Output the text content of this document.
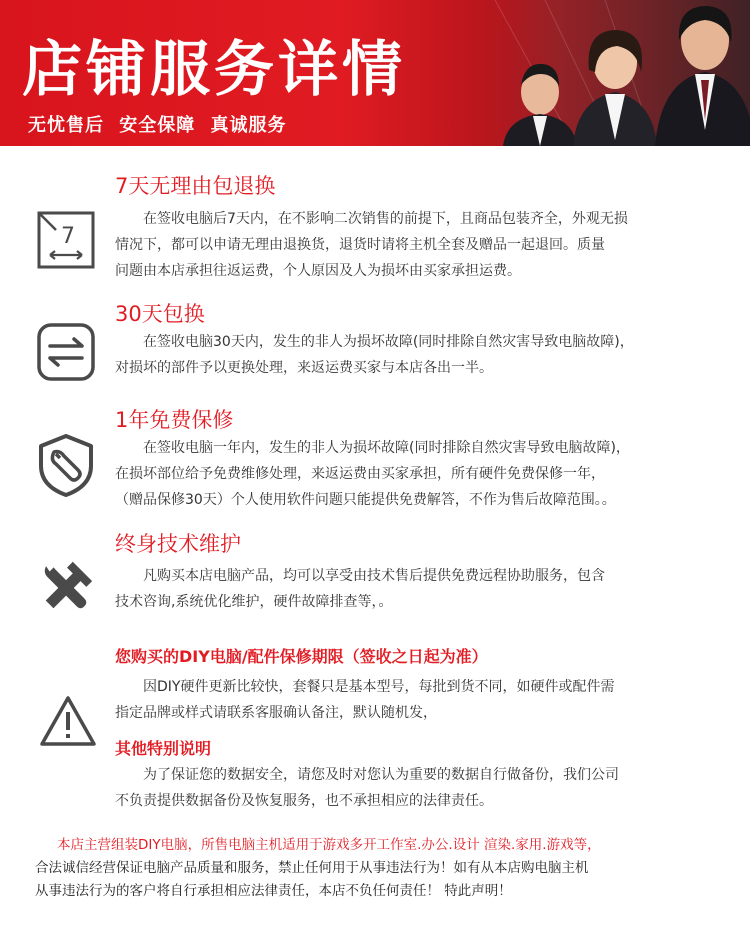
店铺服务详情
无忧售后 安全保障 真诚服务
7
7天无理由包退换
在签收电脑后7天内，在不影响二次销售的前提下，且商品包装齐全，外观无损
情况下，都可以申请无理由退换货，退货时请将主机全套及赠品一起退回。质量
问题由本店承担往返运费，个人原因及人为损坏由买家承担运费。
30天包换
在签收电脑30天内，发生的非人为损坏故障(同时排除自然灾害导致电脑故障)，
对损坏的部件予以更换处理，来返运费买家与本店各出一半。
1年免费保修
在签收电脑一年内，发生的非人为损坏故障(同时排除自然灾害导致电脑故障)，
在损坏部位给予免费维修处理，来返运费由买家承担，所有硬件免费保修一年，
（赠品保修30天）个人使用软件问题只能提供免费解答，不作为售后故障范围。。
终身技术维护
凡购买本店电脑产品，均可以享受由技术售后提供免费远程协助服务，包含
技术咨询,系统优化维护，硬件故障排查等，。
您购买的DIY电脑/配件保修期限（签收之日起为准）
因DIY硬件更新比较快，套餐只是基本型号，每批到货不同，如硬件或配件需
指定品牌或样式请联系客服确认备注，默认随机发，
其他特别说明
为了保证您的数据安全，请您及时对您认为重要的数据自行做备份，我们公司
不负责提供数据备份及恢复服务，也不承担相应的法律责任。
本店主营组装DIY电脑，所售电脑主机适用于游戏多开工作室.办公.设计 渲染.家用.游戏等，
合法诚信经营保证电脑产品质量和服务，禁止任何用于从事违法行为！如有从本店购电脑主机
从事违法行为的客户将自行承担相应法律责任，本店不负任何责任！ 特此声明！
